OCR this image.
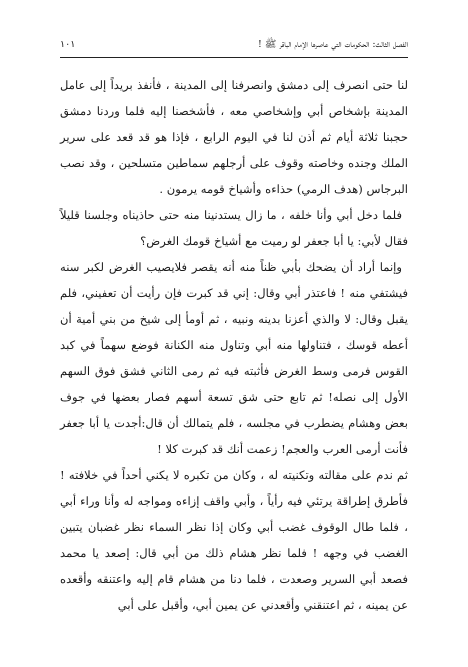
الفصل الثالث: الحكومات التي عاصرها الإمام الباقر ﷺ !
١٠١

لنا حتى انصرف إلى دمشق وانصرفنا إلى المدينة ، فأنفذ بريداً إلى عامل المدينة بإشخاص أبي وإشخاصي معه ، فأشخصنا إليه فلما وردنا دمشق حجبنا ثلاثة أيام ثم أذن لنا في اليوم الرابع ، فإذا هو قد قعد على سرير الملك وجنده وخاصته وقوف على أرجلهم سماطين متسلحين ، وقد نصب البرجاس (هدف الرمي) حذاءه وأشياخ قومه يرمون .

فلما دخل أبي وأنا خلفه ، ما زال يستدنينا منه حتى حاذيناه وجلسنا قليلاً فقال لأبي: يا أبا جعفر لو رميت مع أشياخ قومك الغرض؟

وإنما أراد أن يضحك بأبي ظناً منه أنه يقصر فلايصيب الغرض لكبر سنه فيشتفي منه ! فاعتذر أبي وقال: إني قد كبرت فإن رأيت أن تعفيني، فلم يقبل وقال: لا والذي أعزنا بدينه ونبيه ، ثم أومأ إلى شيخ من بني أمية أن أعطه قوسك ، فتناولها منه أبي وتناول منه الكنانة فوضع سهماً في كبد القوس فرمى وسط الغرض فأثبته فيه ثم رمى الثاني فشق فوق السهم الأول إلى نصله! ثم تابع حتى شق تسعة أسهم فصار بعضها في جوف بعض وهشام يضطرب في مجلسه ، فلم يتمالك أن قال:أجدت يا أبا جعفر فأنت أرمى العرب والعجم! زعمت أنك قد كبرت كلا !

ثم ندم على مقالته وتكنيته له ، وكان من تكبره لا يكني أحداً في خلافته ! فأطرق إطراقة يرتئي فيه رأياً ، وأبي واقف إزاءه ومواجه له وأنا وراء أبي ، فلما طال الوقوف غضب أبي وكان إذا نظر السماء نظر غضبان يتبين الغضب في وجهه ! فلما نظر هشام ذلك من أبي قال: إصعد يا محمد فصعد أبي السرير وصعدت ، فلما دنا من هشام قام إليه واعتنقه وأقعده عن يمينه ، ثم اعتنقني وأقعدني عن يمين أبي، وأقبل على أبي
